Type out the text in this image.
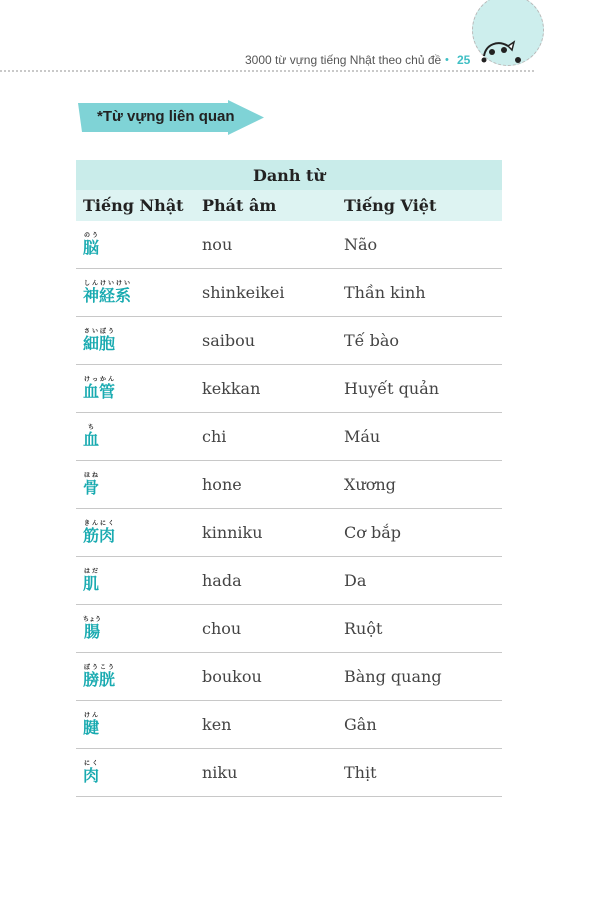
3000 từ vựng tiếng Nhật theo chủ đề • 25
*Từ vựng liên quan
Danh từ		
Tiếng Nhật	Phát âm	Tiếng Việt
脳のう	nou	Não
神経系しんけいけい	shinkeikei	Thần kinh
細胞さいぼう	saibou	Tế bào
血管けっかん	kekkan	Huyết quản
血ち	chi	Máu
骨ほね	hone	Xương
筋肉きんにく	kinniku	Cơ bắp
肌はだ	hada	Da
腸ちょう	chou	Ruột
膀胱ぼうこう	boukou	Bàng quang
腱けん	ken	Gân
肉にく	niku	Thịt
